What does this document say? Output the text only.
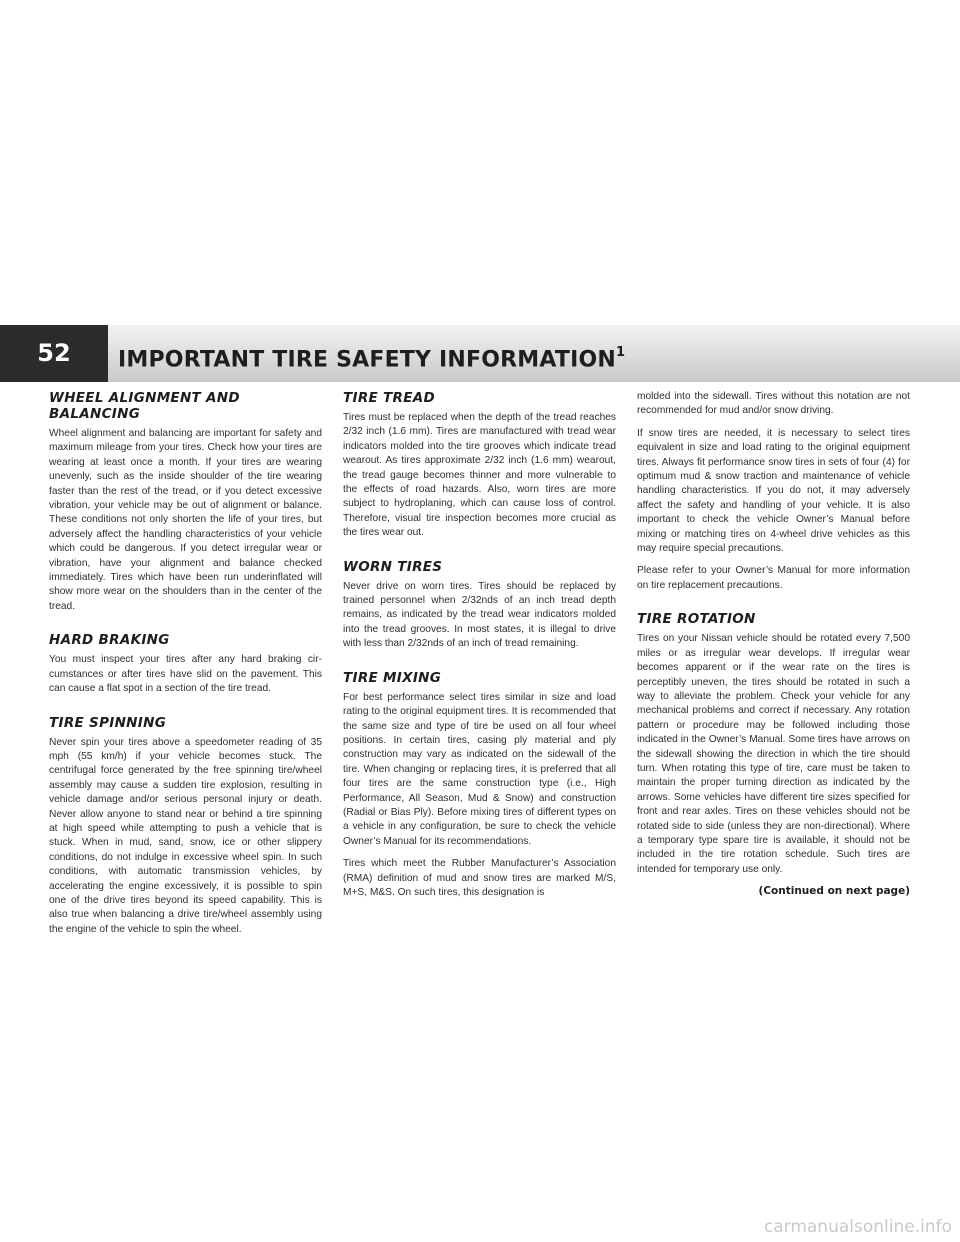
52	IMPORTANT TIRE SAFETY INFORMATION$^1$
WHEEL ALIGNMENT AND BALANCING

Wheel alignment and balancing are important for safety and maximum mileage from your tires. Check how your tires are wearing at least once a month. If your tires are wearing unevenly, such as the inside shoulder of the tire wearing faster than the rest of the tread, or if you detect excessive vibration, your vehicle may be out of alignment or balance. These conditions not only shorten the life of your tires, but adversely affect the handling characteristics of your vehicle which could be dangerous. If you detect irregular wear or vibration, have your alignment and balance checked immediately. Tires which have been run underinflated will show more wear on the shoulders than in the center of the tread.

HARD BRAKING

You must inspect your tires after any hard braking circumstances or after tires have slid on the pavement. This can cause a flat spot in a section of the tire tread.

TIRE SPINNING

Never spin your tires above a speedometer reading of 35 mph (55 km/h) if your vehicle becomes stuck. The centrifugal force generated by the free spinning tire/wheel assembly may cause a sudden tire explosion, resulting in vehicle damage and/or serious personal injury or death. Never allow anyone to stand near or behind a tire spinning at high speed while attempting to push a vehicle that is stuck. When in mud, sand, snow, ice or other slippery conditions, do not indulge in excessive wheel spin. In such conditions, with automatic transmission vehicles, by accelerating the engine excessively, it is possible to spin one of the drive tires beyond its speed capability. This is also true when balancing a drive tire/wheel assembly using the engine of the vehicle to spin the wheel.

TIRE TREAD

Tires must be replaced when the depth of the tread reaches 2/32 inch (1.6 mm). Tires are manufactured with tread wear indicators molded into the tire grooves which indicate tread wearout. As tires approximate 2/32 inch (1.6 mm) wearout, the tread gauge becomes thinner and more vulnerable to the effects of road hazards. Also, worn tires are more subject to hydroplaning, which can cause loss of control. Therefore, visual tire inspection becomes more crucial as the tires wear out.

WORN TIRES

Never drive on worn tires. Tires should be replaced by trained personnel when 2/32nds of an inch tread depth remains, as indicated by the tread wear indicators molded into the tread grooves. In most states, it is illegal to drive with less than 2/32nds of an inch of tread remaining.

TIRE MIXING

For best performance select tires similar in size and load rating to the original equipment tires. It is recommended that the same size and type of tire be used on all four wheel positions. In certain tires, casing ply material and ply construction may vary as indicated on the sidewall of the tire. When changing or replacing tires, it is preferred that all four tires are the same construction type (i.e., High Performance, All Season, Mud & Snow) and construction (Radial or Bias Ply). Before mixing tires of different types on a vehicle in any configuration, be sure to check the vehicle Owner’s Manual for its recommendations.

Tires which meet the Rubber Manufacturer’s Association (RMA) definition of mud and snow tires are marked M/S, M+S, M&S. On such tires, this designation is

molded into the sidewall. Tires without this notation are not recommended for mud and/or snow driving.

If snow tires are needed, it is necessary to select tires equivalent in size and load rating to the original equipment tires. Always fit performance snow tires in sets of four (4) for optimum mud & snow traction and maintenance of vehicle handling characteristics. If you do not, it may adversely affect the safety and handling of your vehicle. It is also important to check the vehicle Owner’s Manual before mixing or matching tires on 4-wheel drive vehicles as this may require special precautions.

Please refer to your Owner’s Manual for more information on tire replacement precautions.

TIRE ROTATION

Tires on your Nissan vehicle should be rotated every 7,500 miles or as irregular wear develops. If irregular wear becomes apparent or if the wear rate on the tires is perceptibly uneven, the tires should be rotated in such a way to alleviate the problem. Check your vehicle for any mechanical problems and correct if necessary. Any rotation pattern or procedure may be followed including those indicated in the Owner’s Manual. Some tires have arrows on the sidewall showing the direction in which the tire should turn. When rotating this type of tire, care must be taken to maintain the proper turning direction as indicated by the arrows. Some vehicles have different tire sizes specified for front and rear axles. Tires on these vehicles should not be rotated side to side (unless they are non-directional). Where a temporary type spare tire is available, it should not be included in the tire rotation schedule. Such tires are intended for temporary use only.

(Continued on next page)
carmanualsonline.info
